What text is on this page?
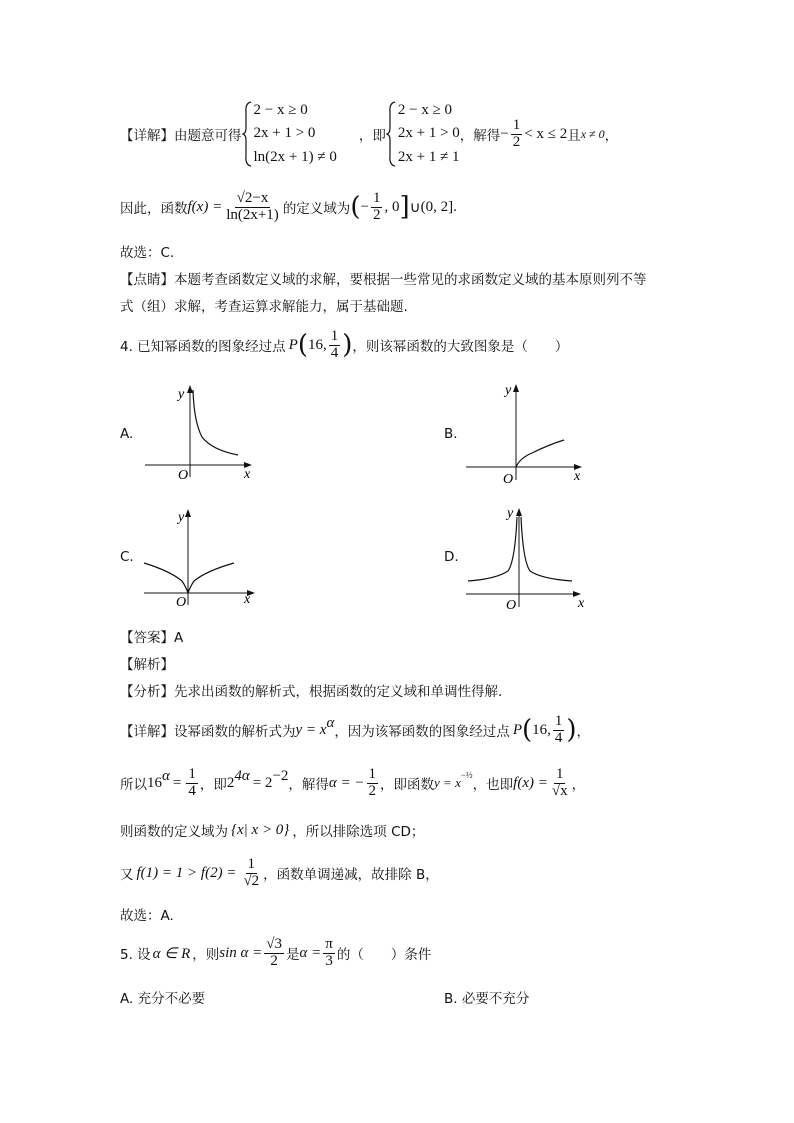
【详解】 由题意可得
2 − x ≥ 0
2x + 1 > 0
ln(2x + 1) ≠ 0
，即
2 − x ≥ 0
2x + 1 > 0
2x + 1 ≠ 1
，解得 − $\frac{1}{2} < x \le 2$ 且 x ≠ 0 ，
因此，函数 $f(x) = \frac{√2-x}{\ln(2x+1)}$ 的定义域为 ( − $\frac{1}{2}$ , 0 ] ∪ (0, 2] .
故选：C.
【点睛】本题考查函数定义域的求解，要根据一些常见的求函数定义域的基本原则列不等
式（组）求解，考查运算求解能力，属于基础题.
4. 已知幂函数的图象经过点 P ( 16, $\frac{1}{4}$ ) ，则该幂函数的大致图象是（　　）
A.
O	x
y
B.
O	x
y
C.
O	x
y
D.
O	x
y
【答案】A
【解析】
【分析】先求出函数的解析式，根据函数的定义域和单调性得解.
【详解】 设幂函数的解析式为 $y = x^\alpha$
，因为该幂函数的图象经过点 P ( 16, $\frac{1}{4}$ ) ，
所以 $16^\alpha = \frac{1}{4}$ ，即 $2^{4\alpha} = 2^{-2}$
，解得 α = − $\frac{1}{2}$ ，即函数 $y = x^{-\frac{1}{2}}$
，也即 $f(x) = \frac{1}{√x}$ ，
则函数的定义域为 {x| x > 0} ，所以排除选项 CD；
又 $f(1) = 1 > f(2) = \frac{1}{√2}$ ，函数单调递减，故排除 B，
故选：A.
5. 设 α ∈ R ，则 $\sin \alpha = \frac{√3}{2}$ 是 $\alpha = \frac{\pi}{3}$ 的（　　）条件
A. 充分不必要	B. 必要不充分
